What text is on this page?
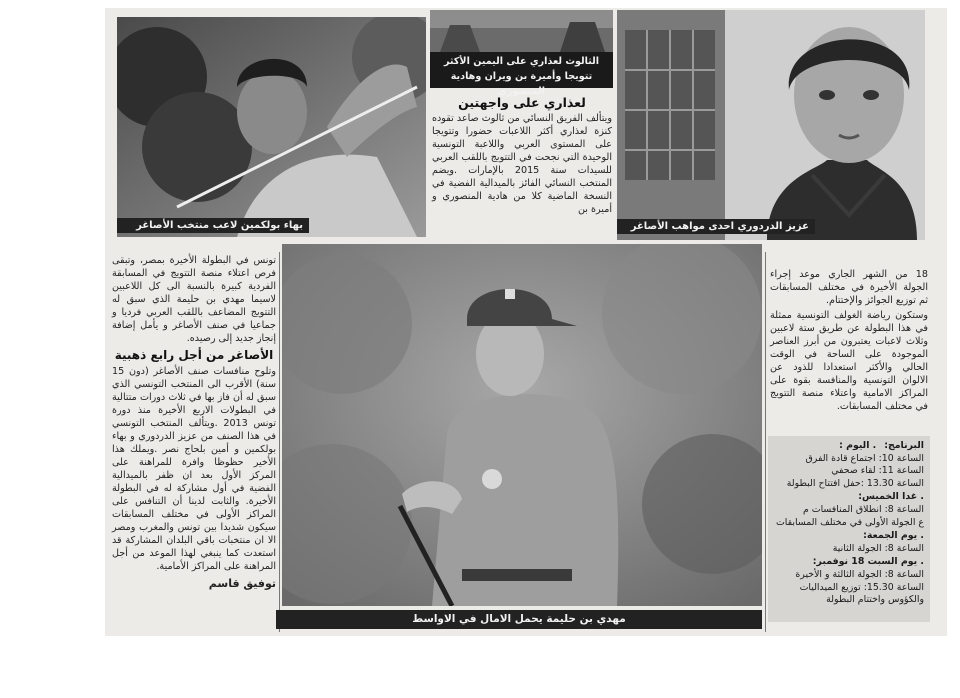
بهاء بولكمين لاعب منتخب الأصاغر
الثالوث لعذاري على اليمين الأكثر تتويجا وأميرة بن ويران وهادية المنصوري
لعذاري على واجهتين

ويتألف الفريق النسائي من ثالوث صاعد تقوده كنزة لعذاري أكثر اللاعبات حضورا وتتويجا على المستوى العربي واللاعبة التونسية الوحيدة التي نجحت في التتويج باللقب العربي للسيدات سنة 2015 بالإمارات .ويضم المنتخب النسائي الفائز بالميدالية الفضية في النسخة الماضية كلا من هادية المنصوري و أميرة بن

عزيز الدردوري احدى مواهب الأصاغر

تونس في البطولة الأخيرة بمصر، وتبقى فرص اعتلاء منصة التتويج في المسابقة الفردية كبيرة بالنسبة الى كل اللاعبين لاسيما مهدي بن حليمة الذي سبق له التتويج المضاعف باللقب العربي فرديا و جماعيا في صنف الأصاغر و يأمل إضافة إنجاز جديد إلى رصيده.

الأصاغر من أجل رابع ذهبية

وتلوح منافسات صنف الأصاغر (دون 15 سنة) الأقرب الى المنتخب التونسي الذي سبق له أن فاز بها في ثلاث دورات متتالية في البطولات الاربع الأخيرة منذ دورة تونس 2013 .ويتألف المنتخب التونسي في هذا الصنف من عزيز الدردوري و بهاء بولكمين و أمين بلحاج نصر .ويملك هذا الأخير حظوظا وافرة للمراهنة على المركز الأول بعد ان ظفر بالميدالية الفضية في أول مشاركة له في البطولة الأخيرة. والثابت لدينا أن التنافس على المراكز الأولى في مختلف المسابقات سيكون شديدا بين تونس والمغرب ومصر الا ان منتخبات باقي البلدان المشاركة قد استعدت كما ينبغي لهذا الموعد من أجل المراهنة على المراكز الأمامية.

توفيق قاسم

مهدي بن حليمة يحمل الامال في الاواسط

18 من الشهر الجاري موعد إجراء الجولة الأخيرة في مختلف المسابقات ثم توزيع الجوائز والإختتام.

وستكون رياضة الغولف التونسية ممثلة في هذا البطولة عن طريق ستة لاعبين وثلاث لاعبات يعتبرون من أبرز العناصر الموجودة على الساحة في الوقت الحالي والأكثر استعدادا للذود عن الالوان التونسية والمنافسة بقوة على المراكز الامامية واعتلاء منصة التتويج في مختلف المسابقات.

البرنامج:. اليوم :
الساعة 10: اجتماع قادة الفرق
الساعة 11: لقاء صحفي
الساعة 13.30 :حفل افتتاح البطولة
. غدا الخميس:
الساعة 8: انطلاق المنافسات م
ع الجولة الأولى في مختلف المسابقات
. يوم الجمعة:
الساعة 8: الجولة الثانية
. يوم السبت 18 نوفمبر:
الساعة 8: الجولة الثالثة و الأخيرة
الساعة 15.30: توزيع الميداليات
والكؤوس واختتام البطولة
